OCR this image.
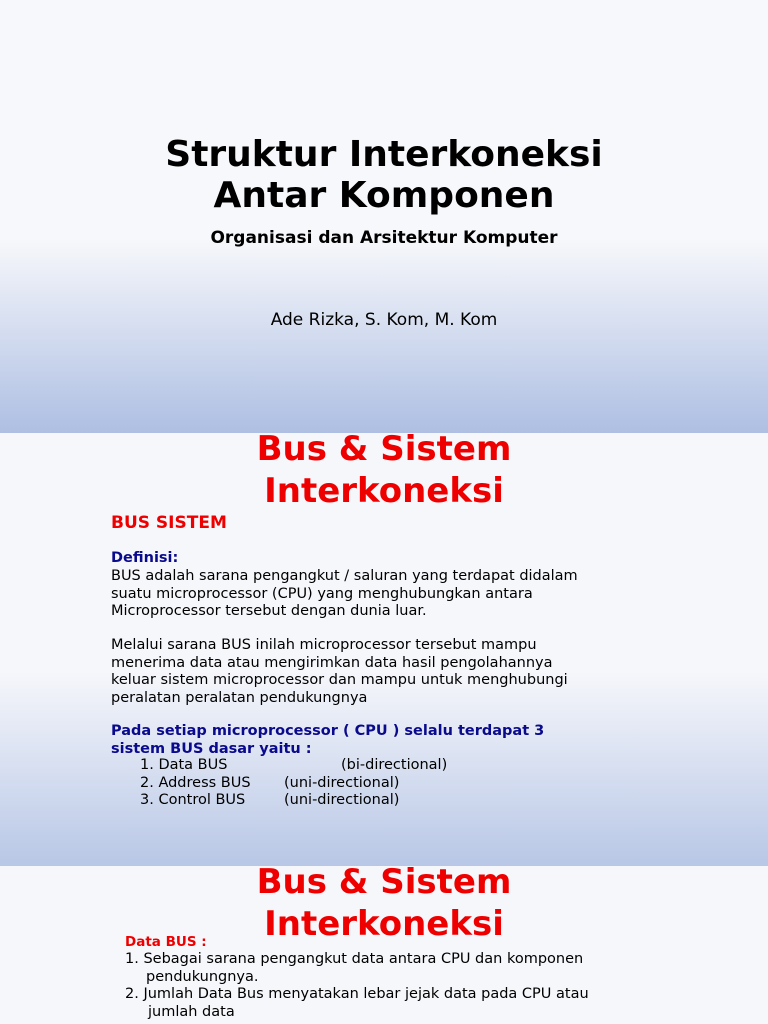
Struktur Interkoneksi
Antar Komponen
Organisasi dan Arsitektur Komputer
Ade Rizka, S. Kom, M. Kom
Bus & Sistem
Interkoneksi
BUS SISTEM
Definisi:
BUS adalah sarana pengangkut / saluran yang terdapat didalam
suatu microprocessor (CPU) yang menghubungkan antara
Microprocessor tersebut dengan dunia luar.
Melalui sarana BUS inilah microprocessor tersebut mampu
menerima data atau mengirimkan data hasil pengolahannya
keluar sistem microprocessor dan mampu untuk menghubungi
peralatan peralatan pendukungnya
Pada setiap microprocessor ( CPU ) selalu terdapat 3
sistem BUS dasar yaitu :
1. Data BUS	(bi-directional)
2. Address BUS (uni-directional)
3. Control BUS	(uni-directional)
Bus & Sistem
Interkoneksi
Data BUS :
1. Sebagai sarana pengangkut data antara CPU dan komponen
pendukungnya.
2. Jumlah Data Bus menyatakan lebar jejak data pada CPU atau
jumlah data
